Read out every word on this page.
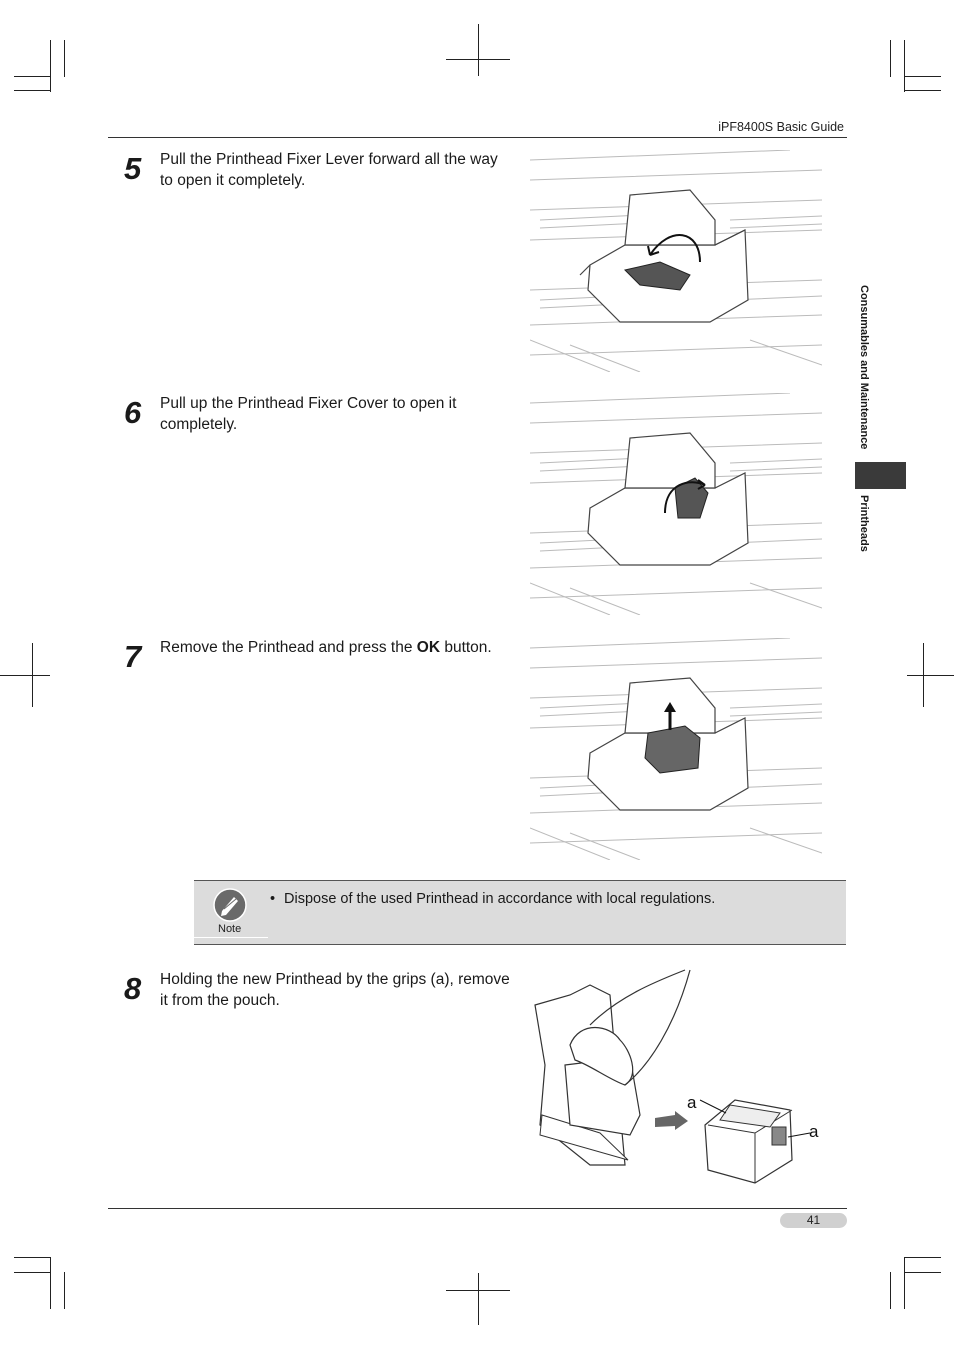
iPF8400S Basic Guide
Consumables and Maintenance
Printheads
5 Pull the Printhead Fixer Lever forward all the way to open it completely.
6 Pull up the Printhead Fixer Cover to open it completely.
7 Remove the Printhead and press the OK button.
Note
• Dispose of the used Printhead in accordance with local regulations.
8 Holding the new Printhead by the grips (a), remove it from the pouch.
a
a
41
